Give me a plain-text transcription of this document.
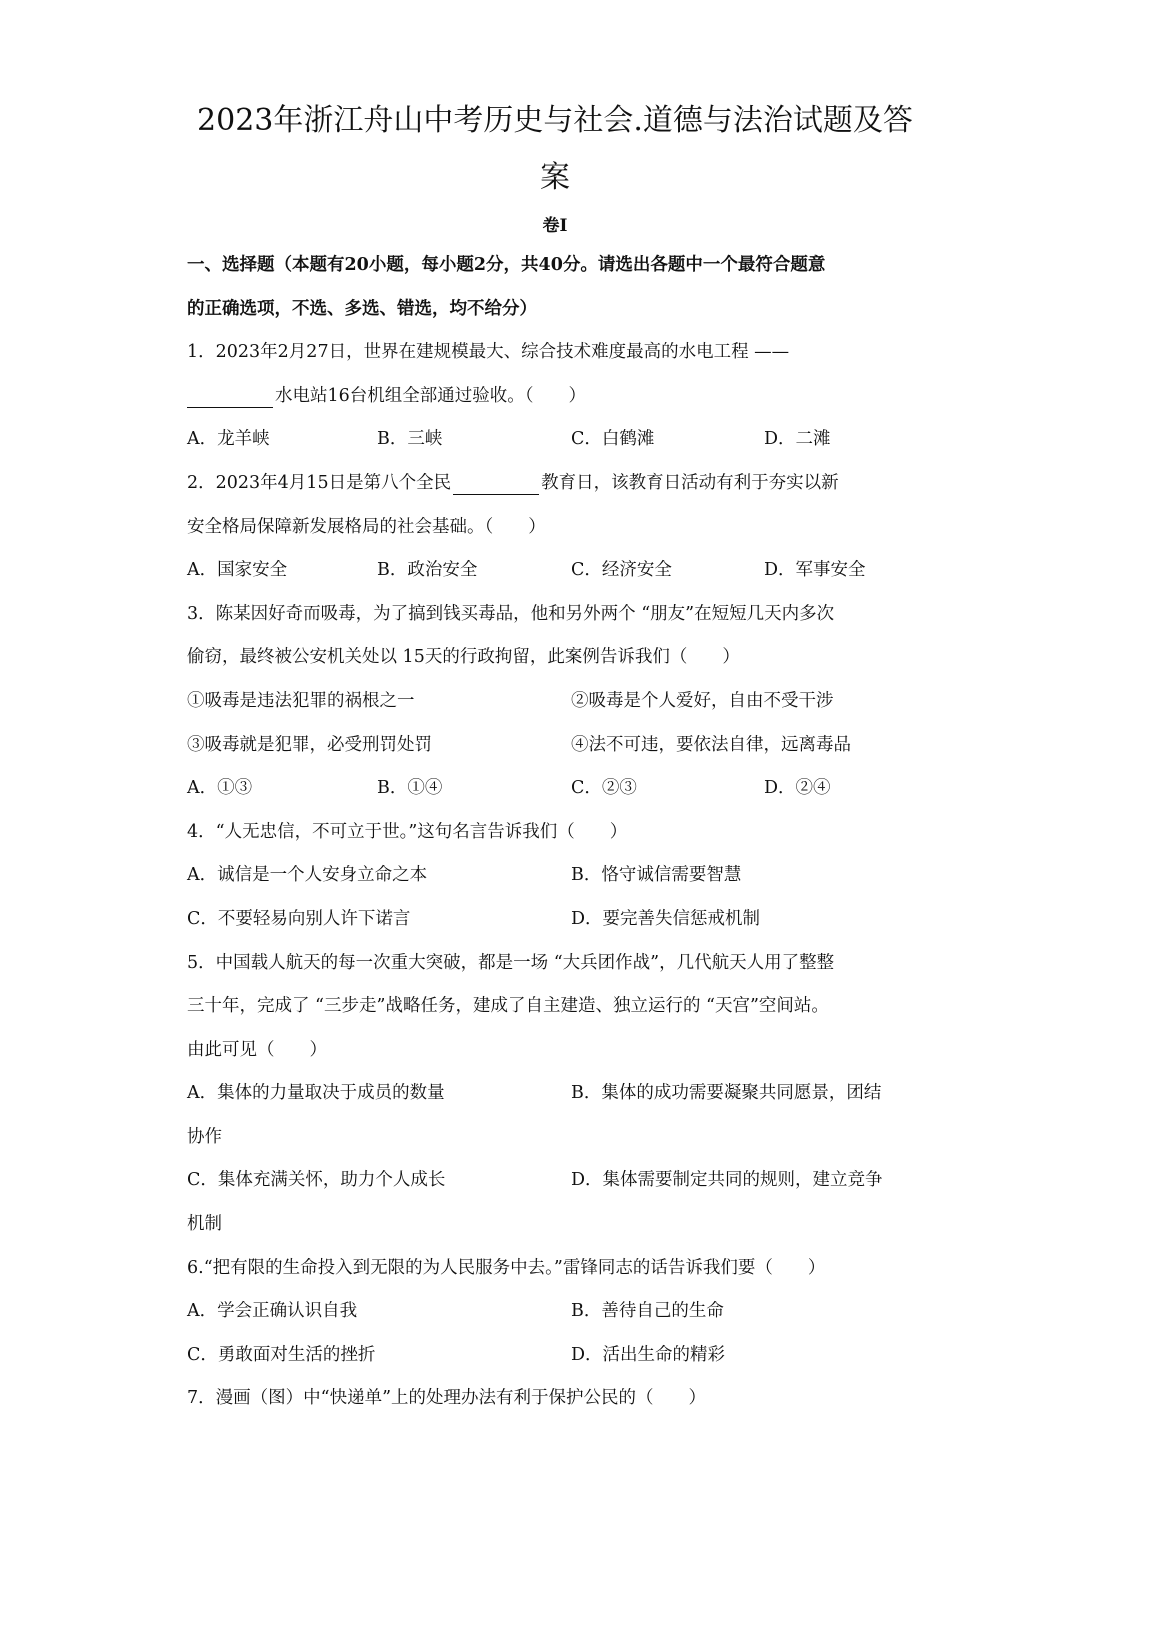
2023年浙江舟山中考历史与社会.道德与法治试题及答
案
卷I
一、选择题（本题有20小题，每小题2分，共40分。请选出各题中一个最符合题意
的正确选项，不选、多选、错选，均不给分）
1．2023年2月27日，世界在建规模最大、综合技术难度最高的水电工程 ——
水电站16台机组全部通过验收。（　　）
A．龙羊峡	B．三峡	C．白鹤滩	D．二滩
2．2023年4月15日是第八个全民	教育日，该教育日活动有利于夯实以新
安全格局保障新发展格局的社会基础。（　　）
A．国家安全	B．政治安全	C．经济安全	D．军事安全
3．陈某因好奇而吸毒，为了搞到钱买毒品，他和另外两个 “朋友”在短短几天内多次
偷窃，最终被公安机关处以 15天的行政拘留，此案例告诉我们（　　）
①吸毒是违法犯罪的祸根之一	②吸毒是个人爱好，自由不受干涉
③吸毒就是犯罪，必受刑罚处罚	④法不可违，要依法自律，远离毒品
A．①③	B．①④	C．②③	D．②④
4．“人无忠信，不可立于世。”这句名言告诉我们（　　）
A．诚信是一个人安身立命之本	B．恪守诚信需要智慧
C．不要轻易向别人许下诺言	D．要完善失信惩戒机制
5．中国载人航天的每一次重大突破，都是一场 “大兵团作战”，几代航天人用了整整
三十年，完成了 “三步走”战略任务，建成了自主建造、独立运行的 “天宫”空间站。
由此可见（　　）
A．集体的力量取决于成员的数量	B．集体的成功需要凝聚共同愿景，团结
协作
C．集体充满关怀，助力个人成长	D．集体需要制定共同的规则，建立竞争
机制
6.“把有限的生命投入到无限的为人民服务中去。”雷锋同志的话告诉我们要（　　）
A．学会正确认识自我	B．善待自己的生命
C．勇敢面对生活的挫折	D．活出生命的精彩
7．漫画（图）中“快递单”上的处理办法有利于保护公民的（　　）
